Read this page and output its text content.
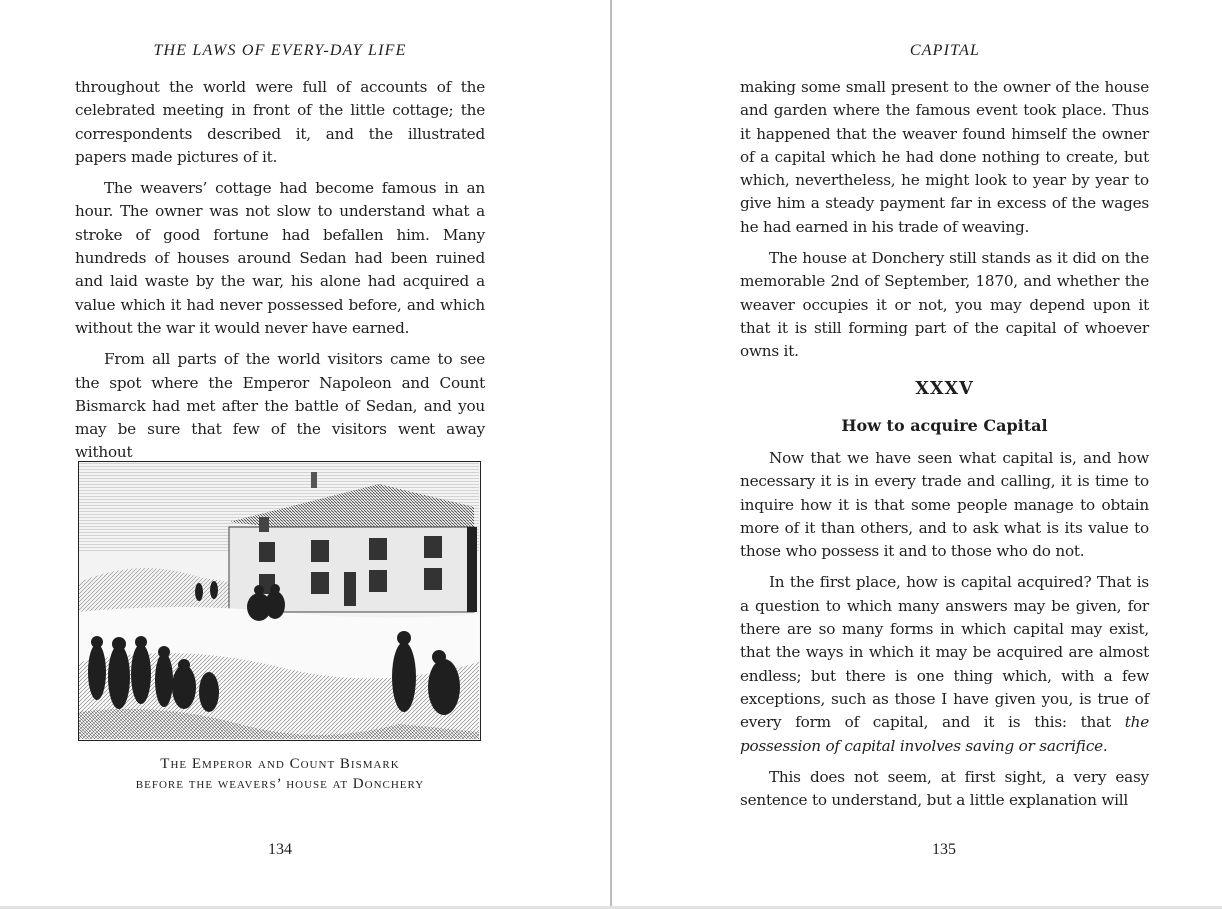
THE LAWS OF EVERY-DAY LIFE

throughout the world were full of accounts of the celebrated meeting in front of the little cottage; the correspondents described it, and the illustrated papers made pictures of it.

The weavers’ cottage had become famous in an hour. The owner was not slow to understand what a stroke of good fortune had befallen him. Many hundreds of houses around Sedan had been ruined and laid waste by the war, his alone had acquired a value which it had never possessed before, and which without the war it would never have earned.

From all parts of the world visitors came to see the spot where the Emperor Napoleon and Count Bismarck had met after the battle of Sedan, and you may be sure that few of the visitors went away without

The Emperor and Count Bismark
before the weavers’ house at Donchery

134

CAPITAL

making some small present to the owner of the house and garden where the famous event took place. Thus it happened that the weaver found himself the owner of a capital which he had done nothing to create, but which, nevertheless, he might look to year by year to give him a steady payment far in excess of the wages he had earned in his trade of weaving.

The house at Donchery still stands as it did on the memorable 2nd of September, 1870, and whether the weaver occupies it or not, you may depend upon it that it is still forming part of the capital of whoever owns it.

XXXV

How to acquire Capital

Now that we have seen what capital is, and how necessary it is in every trade and calling, it is time to inquire how it is that some people manage to obtain more of it than others, and to ask what is its value to those who possess it and to those who do not.

In the first place, how is capital acquired? That is a question to which many answers may be given, for there are so many forms in which capital may exist, that the ways in which it may be acquired are almost endless; but there is one thing which, with a few exceptions, such as those I have given you, is true of every form of capital, and it is this: that the possession of capital involves saving or sacrifice.

This does not seem, at first sight, a very easy sentence to understand, but a little explanation will

135
